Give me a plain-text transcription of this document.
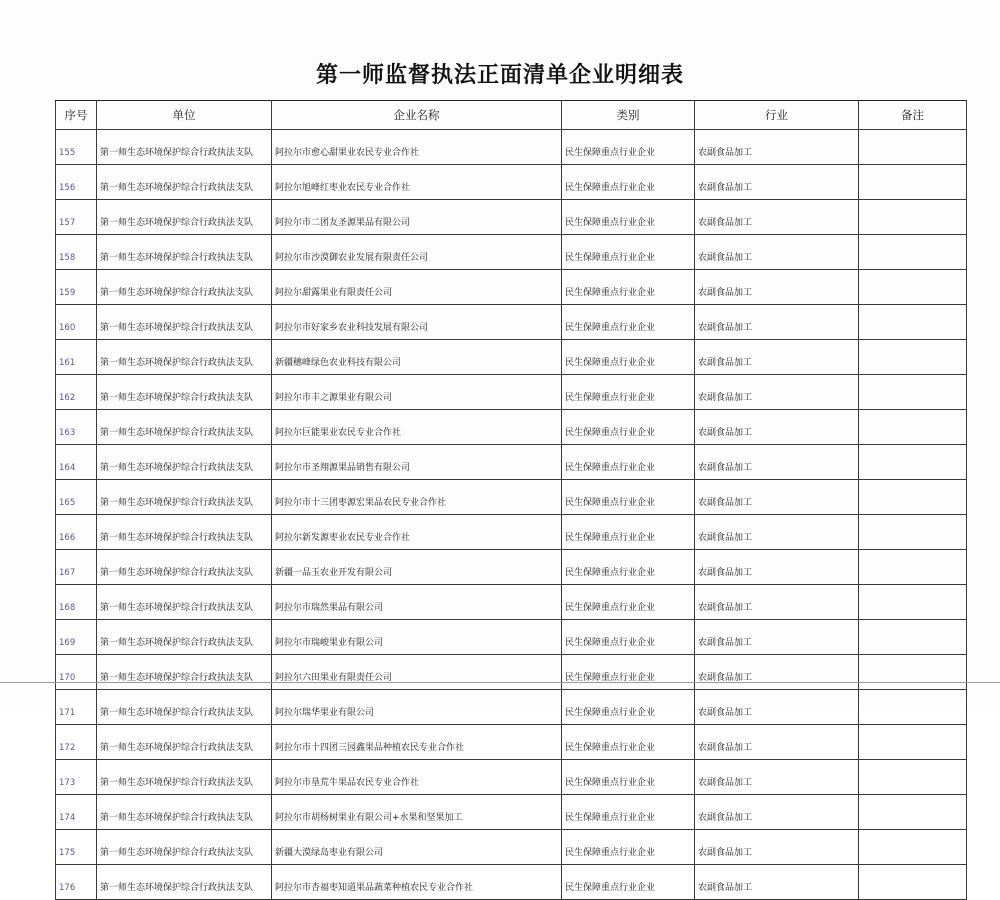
第一师监督执法正面清单企业明细表
序号	单位	企业名称	类别	行业	备注
155	第一师生态环境保护综合行政执法支队	阿拉尔市愈心甜果业农民专业合作社	民生保障重点行业企业	农副食品加工	
156	第一师生态环境保护综合行政执法支队	阿拉尔旭峰红枣业农民专业合作社	民生保障重点行业企业	农副食品加工	
157	第一师生态环境保护综合行政执法支队	阿拉尔市二团友圣源果品有限公司	民生保障重点行业企业	农副食品加工	
158	第一师生态环境保护综合行政执法支队	阿拉尔市沙漠御农业发展有限责任公司	民生保障重点行业企业	农副食品加工	
159	第一师生态环境保护综合行政执法支队	阿拉尔甜露果业有限责任公司	民生保障重点行业企业	农副食品加工	
160	第一师生态环境保护综合行政执法支队	阿拉尔市好家乡农业科技发展有限公司	民生保障重点行业企业	农副食品加工	
161	第一师生态环境保护综合行政执法支队	新疆穗峰绿色农业科技有限公司	民生保障重点行业企业	农副食品加工	
162	第一师生态环境保护综合行政执法支队	阿拉尔市丰之源果业有限公司	民生保障重点行业企业	农副食品加工	
163	第一师生态环境保护综合行政执法支队	阿拉尔巨能果业农民专业合作社	民生保障重点行业企业	农副食品加工	
164	第一师生态环境保护综合行政执法支队	阿拉尔市圣翔源果品销售有限公司	民生保障重点行业企业	农副食品加工	
165	第一师生态环境保护综合行政执法支队	阿拉尔市十三团枣源宏果品农民专业合作社	民生保障重点行业企业	农副食品加工	
166	第一师生态环境保护综合行政执法支队	阿拉尔新发源枣业农民专业合作社	民生保障重点行业企业	农副食品加工	
167	第一师生态环境保护综合行政执法支队	新疆一品玉农业开发有限公司	民生保障重点行业企业	农副食品加工	
168	第一师生态环境保护综合行政执法支队	阿拉尔市瑞然果品有限公司	民生保障重点行业企业	农副食品加工	
169	第一师生态环境保护综合行政执法支队	阿拉尔市瑞峻果业有限公司	民生保障重点行业企业	农副食品加工	
170	第一师生态环境保护综合行政执法支队	阿拉尔六田果业有限责任公司	民生保障重点行业企业	农副食品加工	
171	第一师生态环境保护综合行政执法支队	阿拉尔瑞华果业有限公司	民生保障重点行业企业	农副食品加工	
172	第一师生态环境保护综合行政执法支队	阿拉尔市十四团三园鑫果品种植农民专业合作社	民生保障重点行业企业	农副食品加工	
173	第一师生态环境保护综合行政执法支队	阿拉尔市垦荒牛果品农民专业合作社	民生保障重点行业企业	农副食品加工	
174	第一师生态环境保护综合行政执法支队	阿拉尔市胡杨树果业有限公司+水果和坚果加工	民生保障重点行业企业	农副食品加工	
175	第一师生态环境保护综合行政执法支队	新疆大漠绿岛枣业有限公司	民生保障重点行业企业	农副食品加工	
176	第一师生态环境保护综合行政执法支队	阿拉尔市杏福枣知道果品蔬菜种植农民专业合作社	民生保障重点行业企业	农副食品加工	
